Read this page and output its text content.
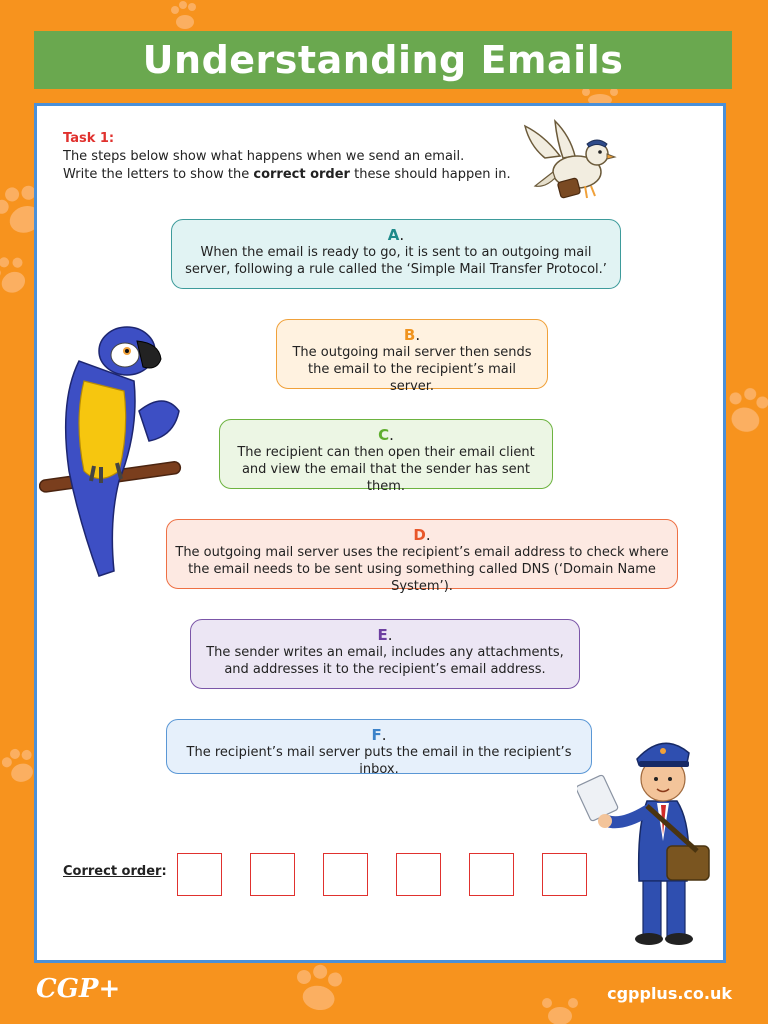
Understanding Emails
Task 1:
The steps below show what happens when we send an email.
Write the letters to show the correct order these should happen in.
A.
When the email is ready to go, it is sent to an outgoing mail server, following a rule called the ‘Simple Mail Transfer Protocol.’
B.
The outgoing mail server then sends the email to the recipient’s mail server.
C.
The recipient can then open their email client and view the email that the sender has sent them.
D.
The outgoing mail server uses the recipient’s email address to check where the email needs to be sent using something called DNS (‘Domain Name System’).
E.
The sender writes an email, includes any attachments, and addresses it to the recipient’s email address.
F.
The recipient’s mail server puts the email in the recipient’s inbox.
Correct order:
CGP+	cgpplus.co.uk
